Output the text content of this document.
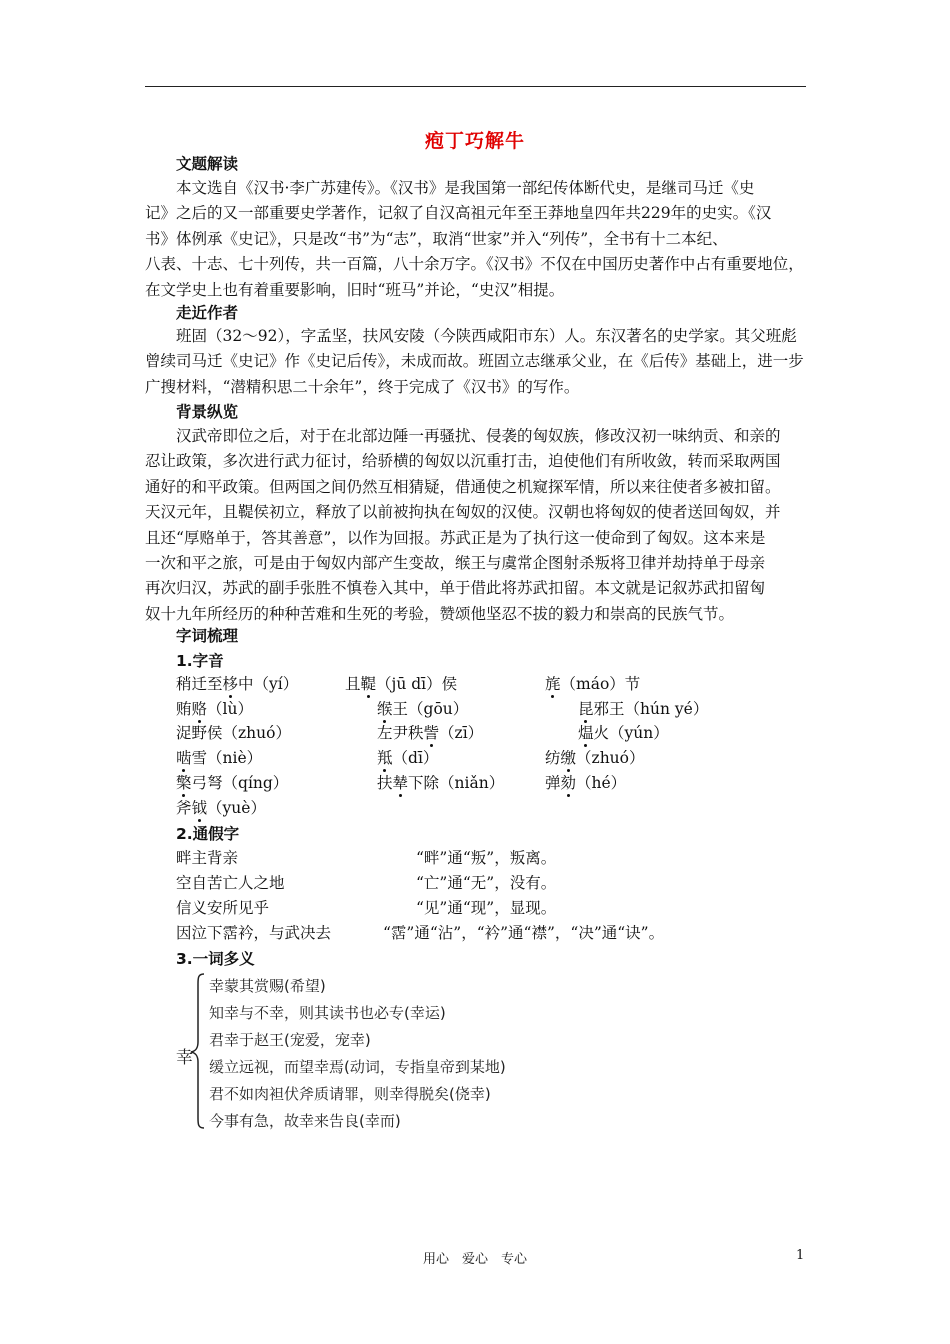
疱丁巧解牛
文题解读
本文选自《汉书·李广苏建传》。《汉书》是我国第一部纪传体断代史，是继司马迁《史
记》之后的又一部重要史学著作，记叙了自汉高祖元年至王莽地皇四年共229年的史实。《汉
书》体例承《史记》，只是改“书”为“志”，取消“世家”并入“列传”，全书有十二本纪、
八表、十志、七十列传，共一百篇，八十余万字。《汉书》不仅在中国历史著作中占有重要地位，
在文学史上也有着重要影响，旧时“班马”并论，“史汉”相提。
走近作者
班固（32～92），字孟坚，扶风安陵（今陕西咸阳市东）人。东汉著名的史学家。其父班彪
曾续司马迁《史记》作《史记后传》，未成而故。班固立志继承父业，在《后传》基础上，进一步
广搜材料，“潜精积思二十余年”，终于完成了《汉书》的写作。
背景纵览
汉武帝即位之后，对于在北部边陲一再骚扰、侵袭的匈奴族，修改汉初一味纳贡、和亲的
忍让政策，多次进行武力征讨，给骄横的匈奴以沉重打击，迫使他们有所收敛，转而采取两国
通好的和平政策。但两国之间仍然互相猜疑，借通使之机窥探军情，所以来往使者多被扣留。
天汉元年，且鞮侯初立，释放了以前被拘执在匈奴的汉使。汉朝也将匈奴的使者送回匈奴，并
且还“厚赂单于，答其善意”，以作为回报。苏武正是为了执行这一使命到了匈奴。这本来是
一次和平之旅，可是由于匈奴内部产生变故，缑王与虞常企图射杀叛将卫律并劫持单于母亲
再次归汉，苏武的副手张胜不慎卷入其中，单于借此将苏武扣留。本文就是记叙苏武扣留匈
奴十九年所经历的种种苦难和生死的考验，赞颂他坚忍不拔的毅力和崇高的民族气节。
字词梳理
1.字音
稍迁至栘中（yí）	且鞮（jū dī）侯	旄（máo）节
贿赂（lù）	缑王（gōu）	昆邪王（hún yé）
浞野侯（zhuó）	左尹秩訾（zī）	煴火（yún）
啮雪（niè）	羝（dī）	纺缴（zhuó）
檠弓弩（qíng）	扶辇下除（niǎn）	弹劾（hé）
斧钺（yuè）
2.通假字
畔主背亲	“畔”通“叛”，叛离。
空自苦亡人之地	“亡”通“无”，没有。
信义安所见乎	“见”通“现”，显现。
因泣下霑衿，与武决去	“霑”通“沾”，“衿”通“襟”，“决”通“诀”。
3.一词多义
幸
幸蒙其赏赐(希望)
知幸与不幸，则其读书也必专(幸运)
君幸于赵王(宠爱，宠幸)
缓立远视，而望幸焉(动词，专指皇帝到某地)
君不如肉袒伏斧质请罪，则幸得脱矣(侥幸)
今事有急，故幸来告良(幸而)
用心　爱心　专心	1
